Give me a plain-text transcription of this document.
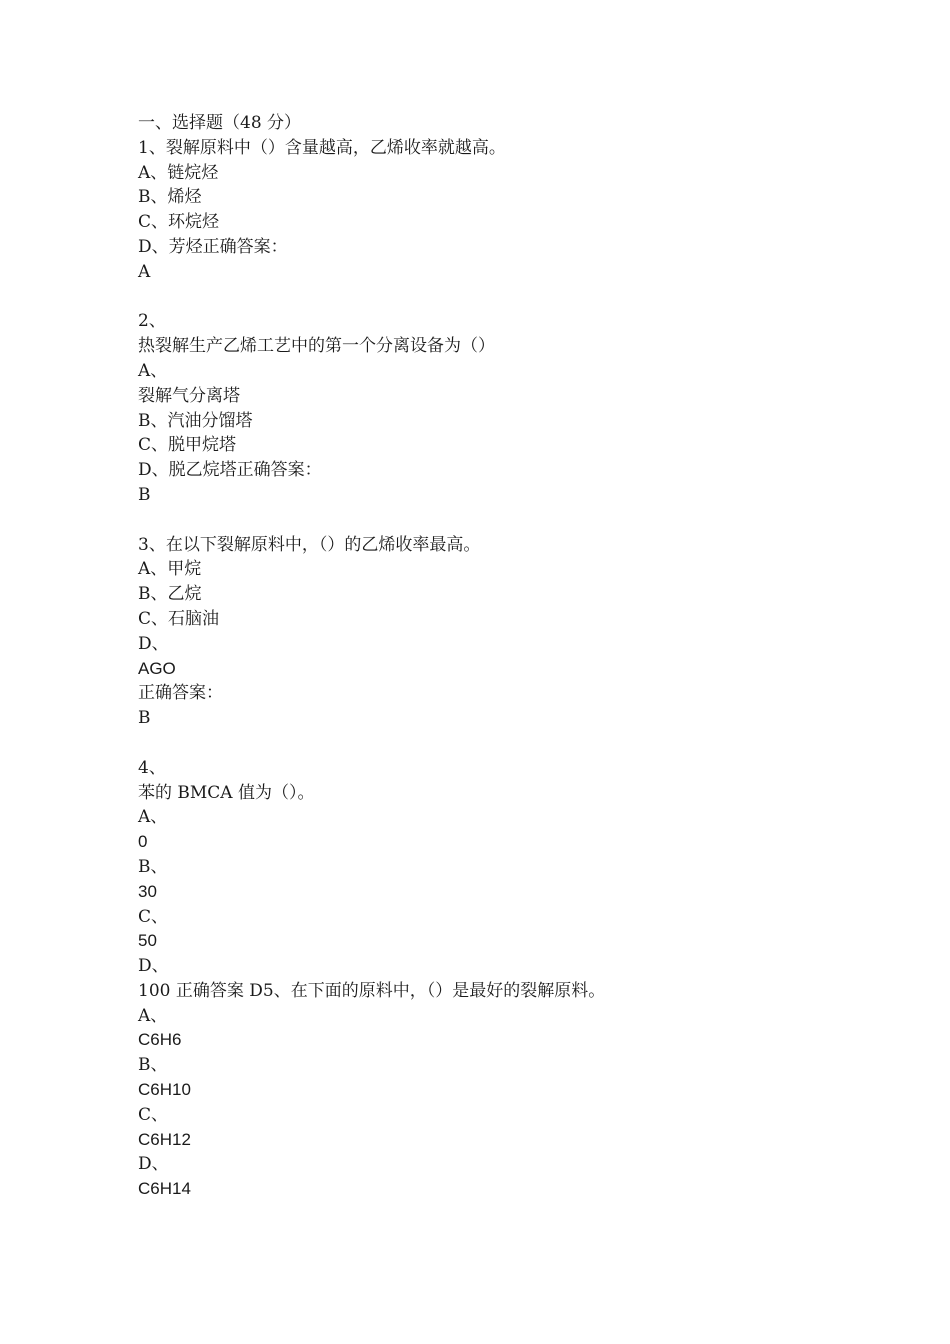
一、选择题（48 分）
1、裂解原料中（）含量越高，乙烯收率就越高。
A、链烷烃
B、烯烃
C、环烷烃
D、芳烃正确答案：
A
2、
热裂解生产乙烯工艺中的第一个分离设备为（）
A、
裂解气分离塔
B、汽油分馏塔
C、脱甲烷塔
D、脱乙烷塔正确答案：
B
3、在以下裂解原料中，（）的乙烯收率最高。
A、甲烷
B、乙烷
C、石脑油
D、
AGO
正确答案：
B
4、
苯的 BMCA 值为（）。
A、
0
B、
30
C、
50
D、
100 正确答案 D5、在下面的原料中，（）是最好的裂解原料。
A、
C6H6
B、
C6H10
C、
C6H12
D、
C6H14
